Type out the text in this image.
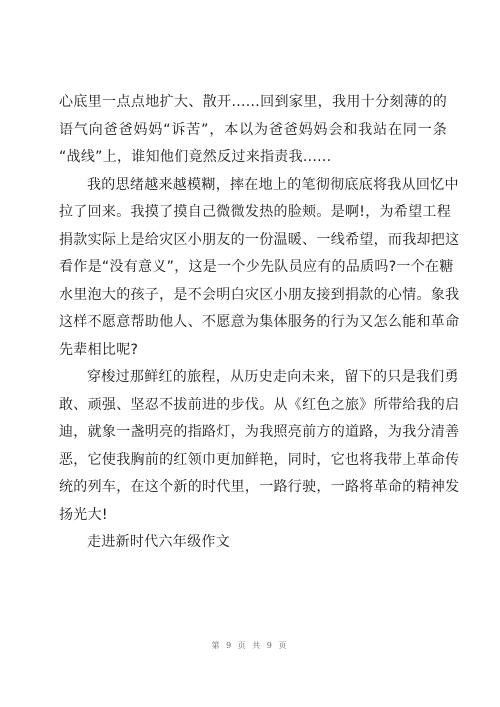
心底里一点点地扩大、散开......回到家里，我用十分刻薄的的
语气向爸爸妈妈“诉苦”，本以为爸爸妈妈会和我站在同一条
“战线”上，谁知他们竟然反过来指责我......
我的思绪越来越模糊，摔在地上的笔彻彻底底将我从回忆中
拉了回来。我摸了摸自己微微发热的脸颊。是啊!，为希望工程
捐款实际上是给灾区小朋友的一份温暖、一线希望，而我却把这
看作是“没有意义”，这是一个少先队员应有的品质吗?一个在糖
水里泡大的孩子，是不会明白灾区小朋友接到捐款的心情。象我
这样不愿意帮助他人、不愿意为集体服务的行为又怎么能和革命
先辈相比呢?
穿梭过那鲜红的旅程，从历史走向未来，留下的只是我们勇
敢、顽强、坚忍不拔前进的步伐。从《红色之旅》所带给我的启
迪，就象一盏明亮的指路灯，为我照亮前方的道路，为我分清善
恶，它使我胸前的红领巾更加鲜艳，同时，它也将我带上革命传
统的列车，在这个新的时代里，一路行驶，一路将革命的精神发
扬光大!
走进新时代六年级作文
第 9 页 共 9 页
